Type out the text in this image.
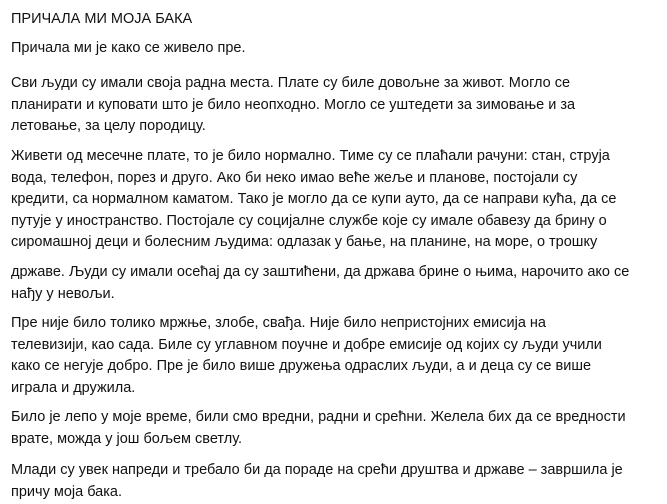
ПРИЧАЛА МИ МОЈА БАКА
Причала ми је како се живело пре.
Сви људи су имали своја радна места. Плате су биле довољне за живот. Могло се
планирати и куповати што је било неопходно. Могло се уштедети за зимовање и за
летовање, за целу породицу.
Живети од месечне плате, то је било нормално. Тиме су се плаћали рачуни: стан, струја
вода, телефон, порез и друго. Ако би неко имао веће жеље и планове, постојали су
кредити, са нормалном каматом. Тако је могло да се купи ауто, да се направи кућа, да се
путује у иностранство. Постојале су социјалне службе које су имале обавезу да брину о
сиромашној деци и болесним људима: одлазак у бање, на планине, на море, о трошку
државе. Људи су имали осећај да су заштићени, да држава брине о њима, нарочито ако се
нађу у невољи.
Пре није било толико мржње, злобе, свађа. Није било непристојних емисија на
телевизији, као сада. Биле су углавном поучне и добре емисије од којих су људи учили
како се негује добро. Пре је било више дружења одраслих људи, а и деца су се више
играла и дружила.
Било је лепо у моје време, били смо вредни, радни и срећни. Желела бих да се вредности
врате, можда у још бољем светлу.
Млади су увек напреди и требало би да пораде на срећи друштва и државе – завршила је
причу моја бака.
